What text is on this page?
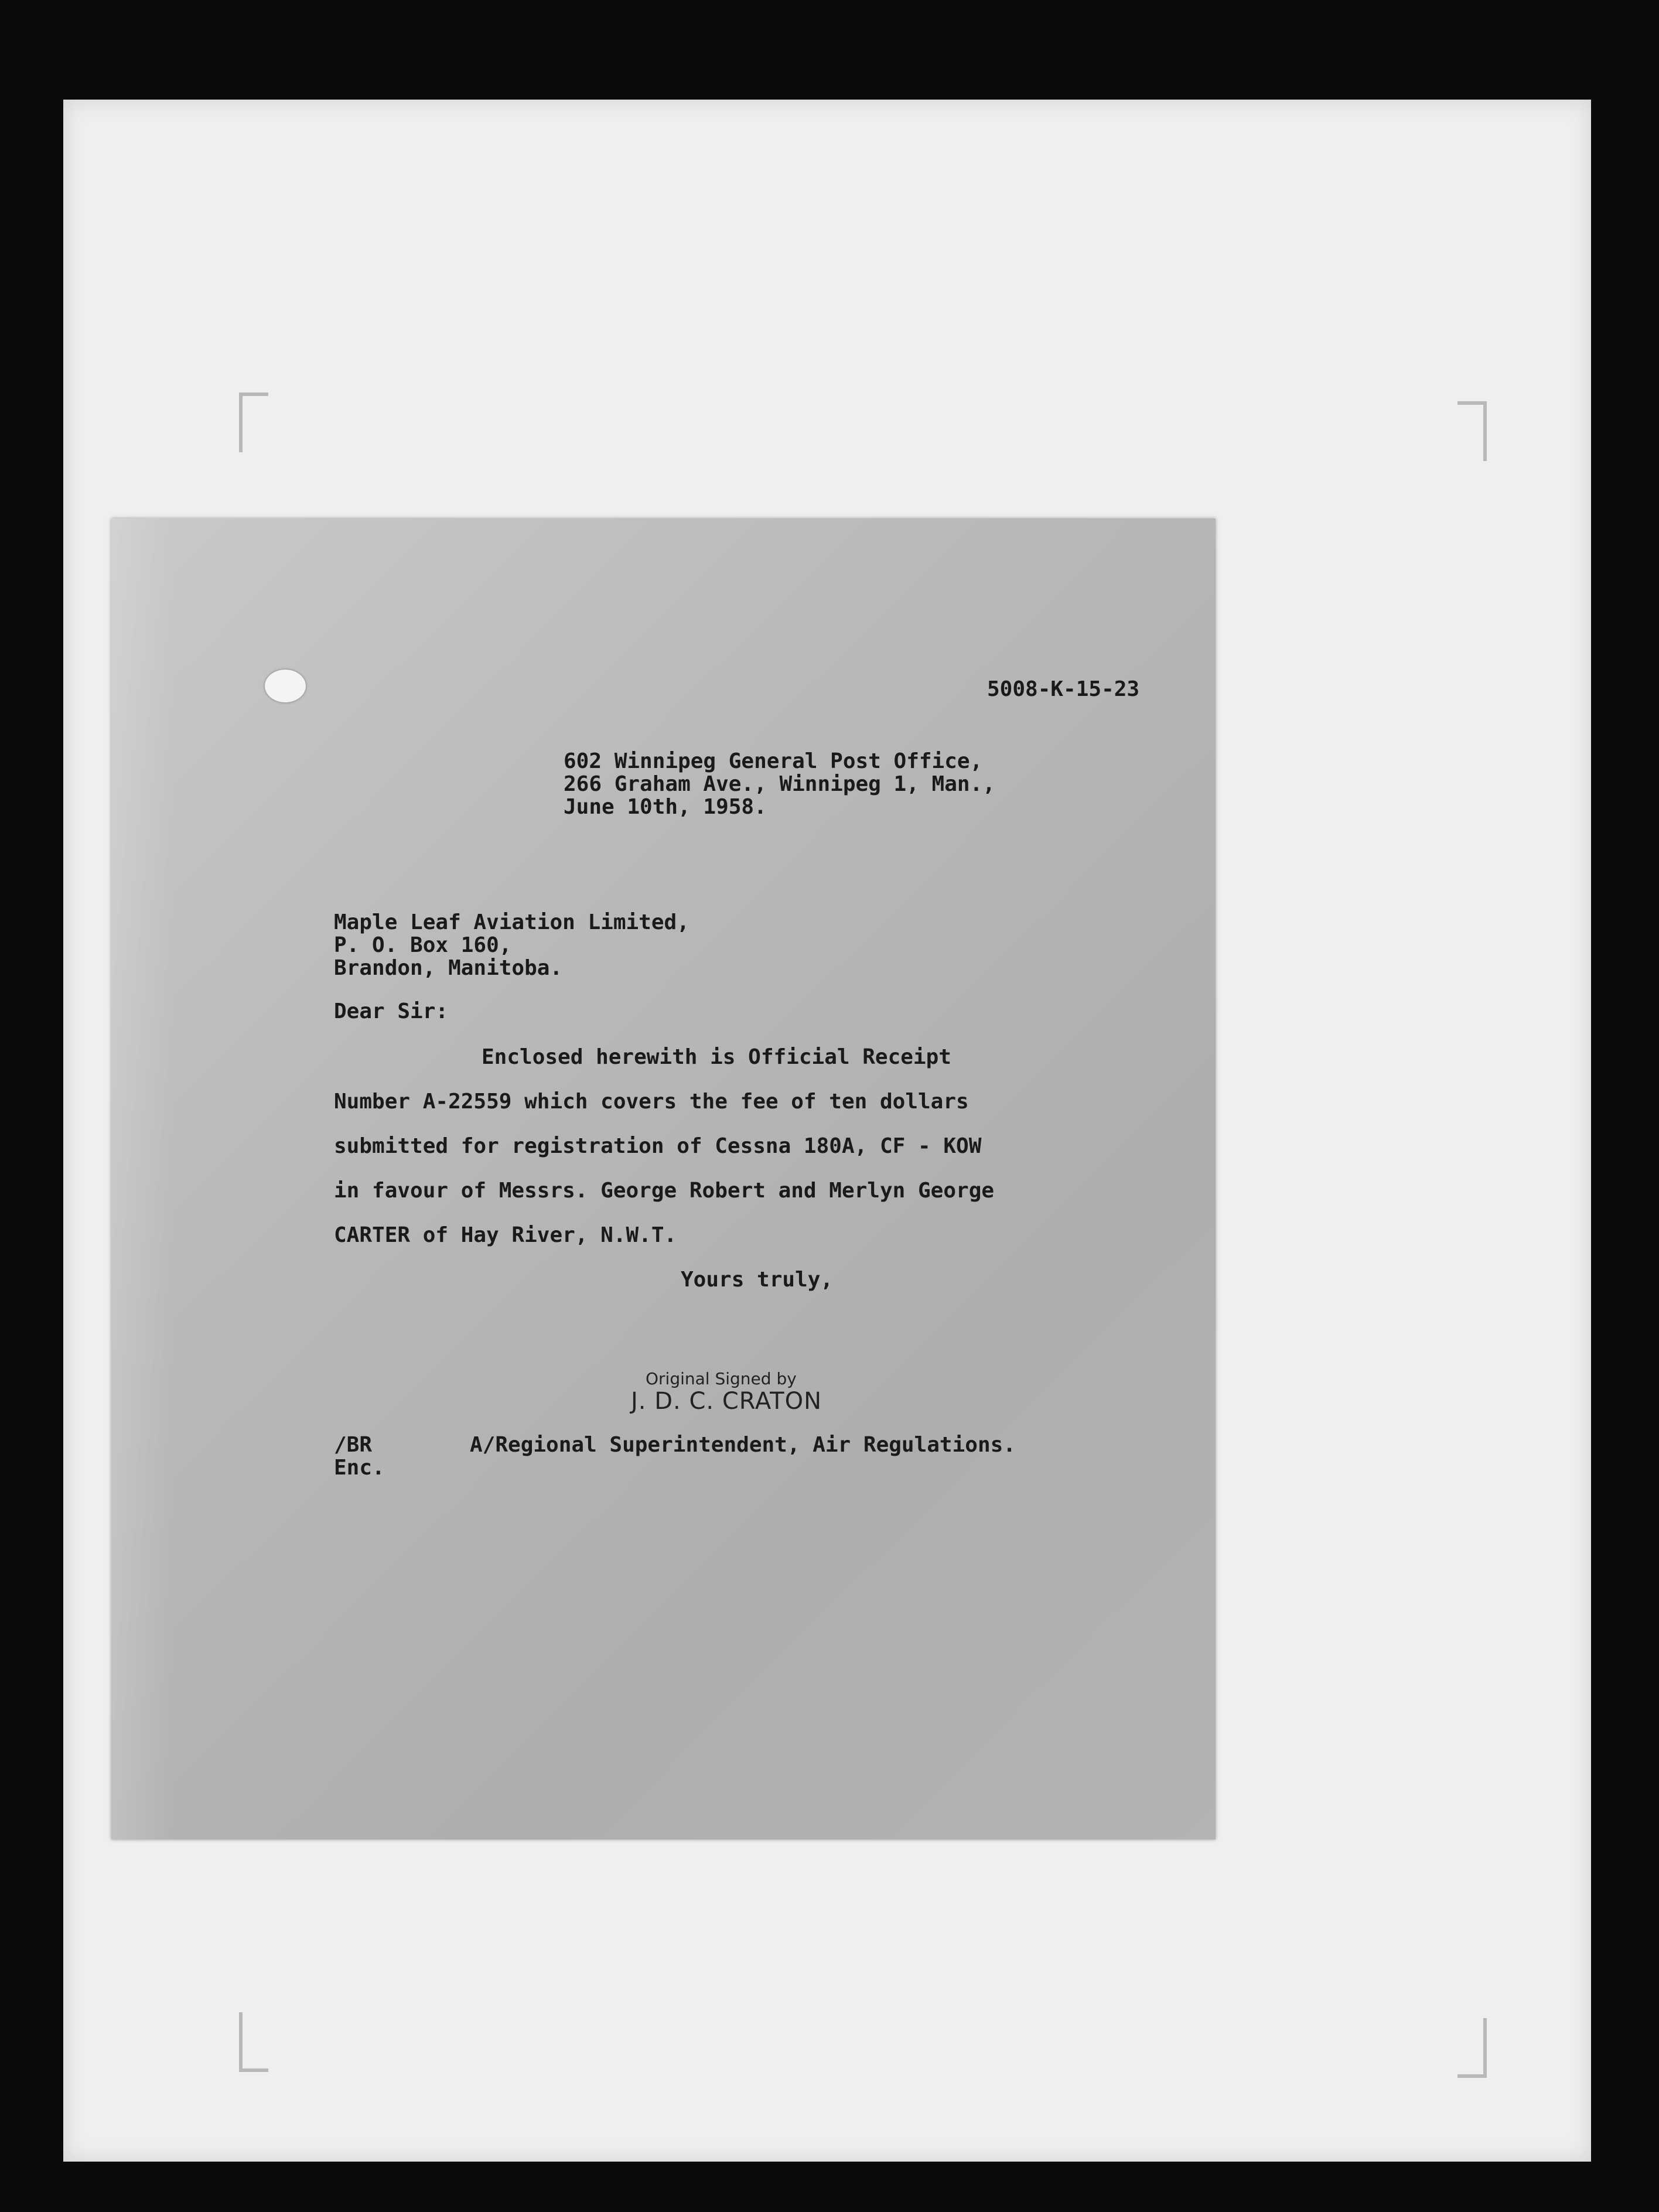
5008-K-15-23
602 Winnipeg General Post Office,
266 Graham Ave., Winnipeg 1, Man.,
June 10th, 1958.
Maple Leaf Aviation Limited,
P. O. Box 160,
Brandon, Manitoba.
Dear Sir:
Enclosed herewith is Official Receipt
Number A-22559 which covers the fee of ten dollars
submitted for registration of Cessna 180A, CF - KOW
in favour of Messrs. George Robert and Merlyn George
CARTER of Hay River, N.W.T.
Yours truly,
Original Signed by
J. D. C. CRATON
/BR	A/Regional Superintendent, Air Regulations.
Enc.
